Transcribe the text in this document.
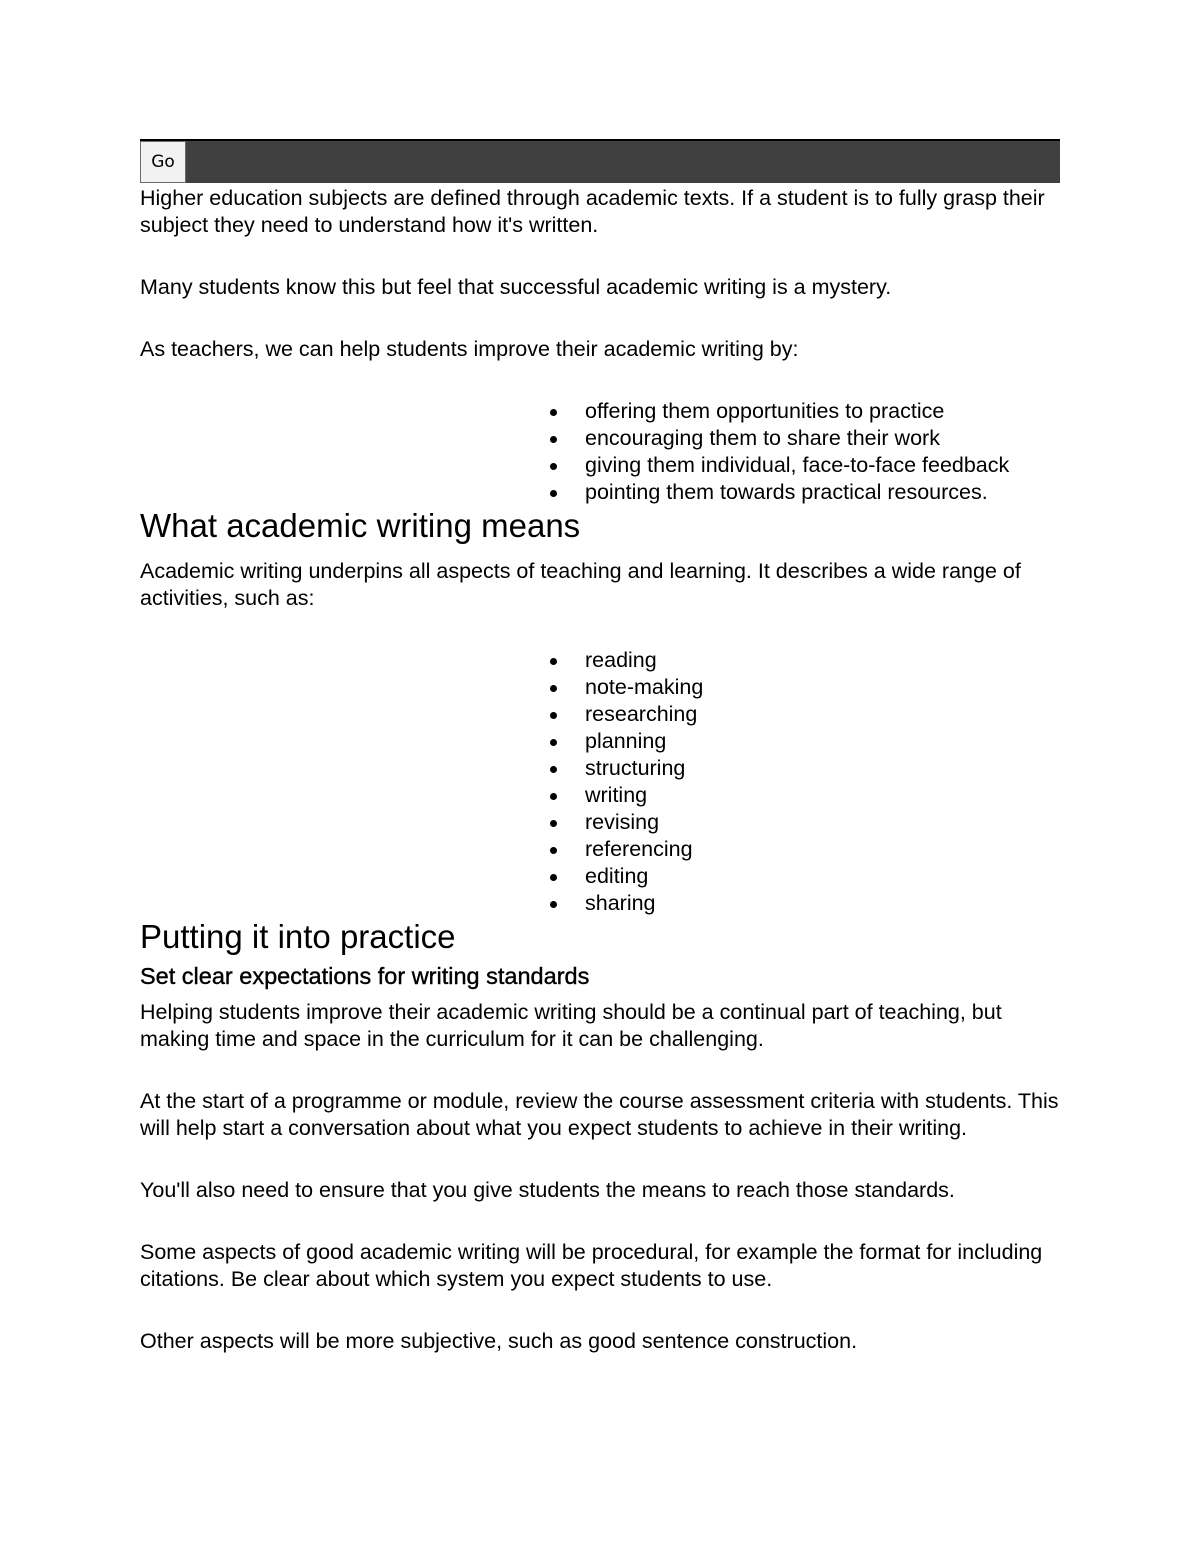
Go

Higher education subjects are defined through academic texts. If a student is to fully grasp their subject they need to understand how it's written.

Many students know this but feel that successful academic writing is a mystery.

As teachers, we can help students improve their academic writing by:

offering them opportunities to practice
encouraging them to share their work
giving them individual, face-to-face feedback
pointing them towards practical resources.
What academic writing means

Academic writing underpins all aspects of teaching and learning. It describes a wide range of activities, such as:

reading
note-making
researching
planning
structuring
writing
revising
referencing
editing
sharing
Putting it into practice
Set clear expectations for writing standards

Helping students improve their academic writing should be a continual part of teaching, but making time and space in the curriculum for it can be challenging.

At the start of a programme or module, review the course assessment criteria with students. This will help start a conversation about what you expect students to achieve in their writing.

You'll also need to ensure that you give students the means to reach those standards.

Some aspects of good academic writing will be procedural, for example the format for including citations. Be clear about which system you expect students to use.

Other aspects will be more subjective, such as good sentence construction.
